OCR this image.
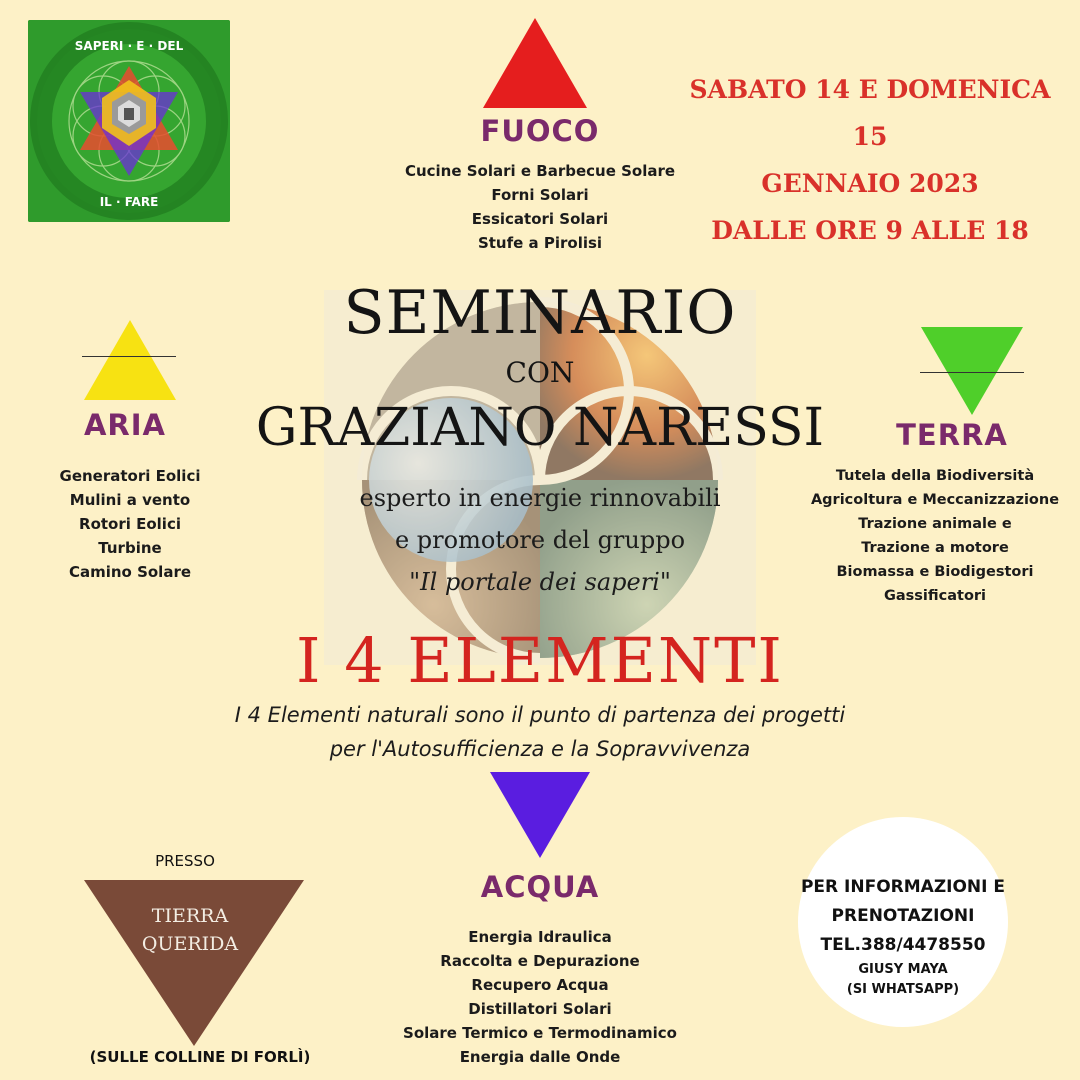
SAPERI · E · DEL
IL · FARE
SABATO 14 E DOMENICA 15
GENNAIO 2023
DALLE ORE 9 ALLE 18
FUOCO
Cucine Solari e Barbecue Solare
Forni Solari
Essicatori Solari
Stufe a Pirolisi
ARIA
Generatori Eolici
Mulini a vento
Rotori Eolici
Turbine
Camino Solare
TERRA
Tutela della Biodiversità
Agricoltura e Meccanizzazione
Trazione animale e
Trazione a motore
Biomassa e Biodigestori
Gassificatori
SEMINARIO
CON
GRAZIANO NARESSI
esperto in energie rinnovabili
e promotore del gruppo
"Il portale dei saperi"
I 4 ELEMENTI
I 4 Elementi naturali sono il punto di partenza dei progetti
per l'Autosufficienza e la Sopravvivenza
ACQUA
Energia Idraulica
Raccolta e Depurazione
Recupero Acqua
Distillatori Solari
Solare Termico e Termodinamico
Energia dalle Onde
PRESSO
TIERRA
QUERIDA
(SULLE COLLINE DI FORLÌ)
PER INFORMAZIONI E
PRENOTAZIONI
TEL.388/4478550
GIUSY MAYA
(SI WHATSAPP)
